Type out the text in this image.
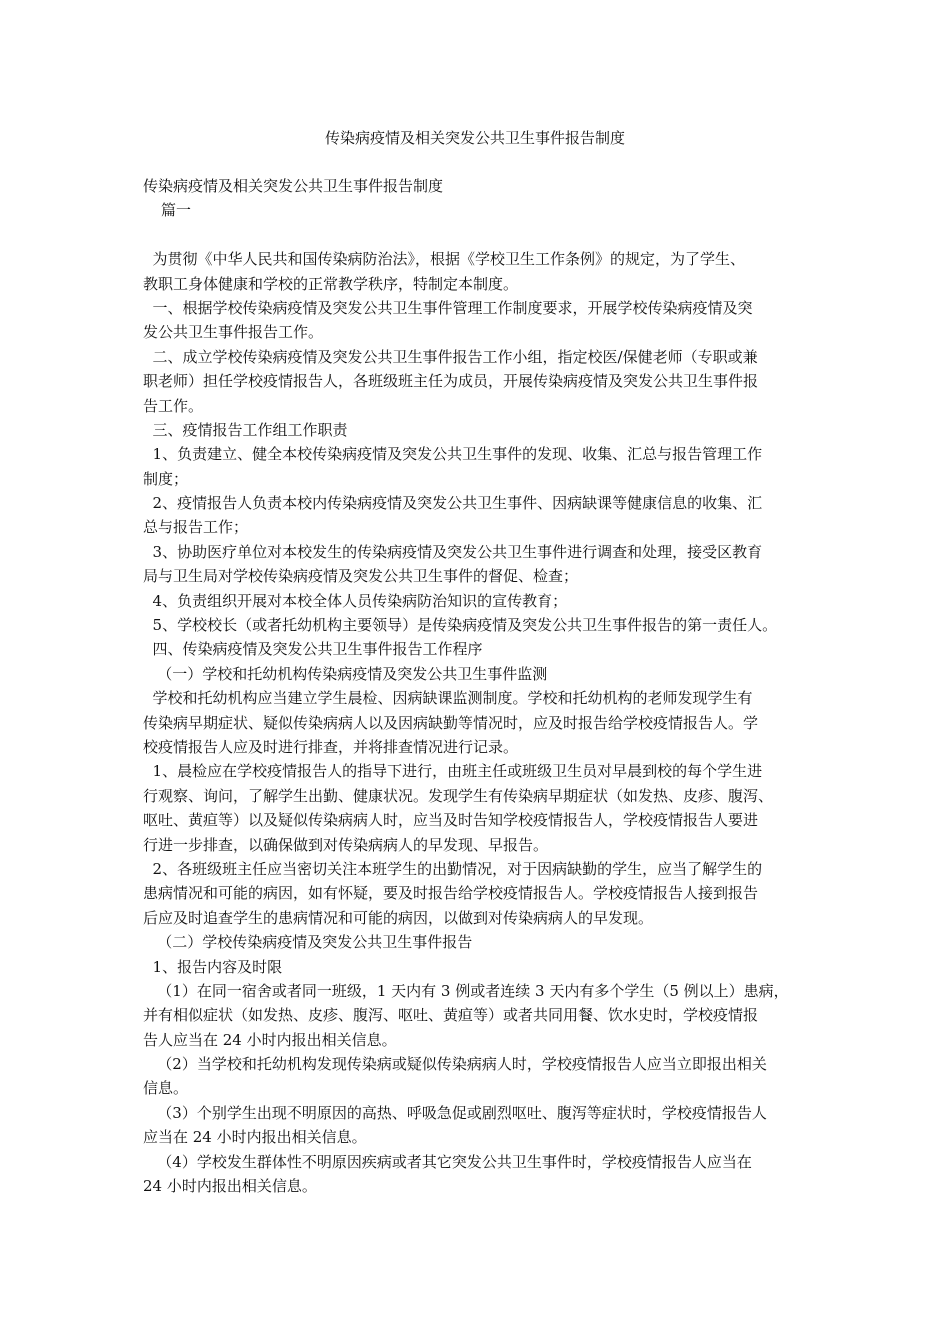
传染病疫情及相关突发公共卫生事件报告制度
传染病疫情及相关突发公共卫生事件报告制度
篇一
为贯彻《中华人民共和国传染病防治法》，根据《学校卫生工作条例》的规定，为了学生、
教职工身体健康和学校的正常教学秩序，特制定本制度。
一、根据学校传染病疫情及突发公共卫生事件管理工作制度要求，开展学校传染病疫情及突
发公共卫生事件报告工作。
二、成立学校传染病疫情及突发公共卫生事件报告工作小组，指定校医/保健老师（专职或兼
职老师）担任学校疫情报告人，各班级班主任为成员，开展传染病疫情及突发公共卫生事件报
告工作。
三、疫情报告工作组工作职责
1、负责建立、健全本校传染病疫情及突发公共卫生事件的发现、收集、汇总与报告管理工作
制度；
2、疫情报告人负责本校内传染病疫情及突发公共卫生事件、因病缺课等健康信息的收集、汇
总与报告工作；
3、协助医疗单位对本校发生的传染病疫情及突发公共卫生事件进行调查和处理，接受区教育
局与卫生局对学校传染病疫情及突发公共卫生事件的督促、检查；
4、负责组织开展对本校全体人员传染病防治知识的宣传教育；
5、学校校长（或者托幼机构主要领导）是传染病疫情及突发公共卫生事件报告的第一责任人。
四、传染病疫情及突发公共卫生事件报告工作程序
（一）学校和托幼机构传染病疫情及突发公共卫生事件监测
学校和托幼机构应当建立学生晨检、因病缺课监测制度。学校和托幼机构的老师发现学生有
传染病早期症状、疑似传染病病人以及因病缺勤等情况时，应及时报告给学校疫情报告人。学
校疫情报告人应及时进行排查，并将排查情况进行记录。
1、晨检应在学校疫情报告人的指导下进行，由班主任或班级卫生员对早晨到校的每个学生进
行观察、询问，了解学生出勤、健康状况。发现学生有传染病早期症状（如发热、皮疹、腹泻、
呕吐、黄疸等）以及疑似传染病病人时，应当及时告知学校疫情报告人，学校疫情报告人要进
行进一步排查，以确保做到对传染病病人的早发现、早报告。
2、各班级班主任应当密切关注本班学生的出勤情况，对于因病缺勤的学生，应当了解学生的
患病情况和可能的病因，如有怀疑，要及时报告给学校疫情报告人。学校疫情报告人接到报告
后应及时追查学生的患病情况和可能的病因，以做到对传染病病人的早发现。
（二）学校传染病疫情及突发公共卫生事件报告
1、报告内容及时限
（1）在同一宿舍或者同一班级，1 天内有 3 例或者连续 3 天内有多个学生（5 例以上）患病，
并有相似症状（如发热、皮疹、腹泻、呕吐、黄疸等）或者共同用餐、饮水史时，学校疫情报
告人应当在 24 小时内报出相关信息。
（2）当学校和托幼机构发现传染病或疑似传染病病人时，学校疫情报告人应当立即报出相关
信息。
（3）个别学生出现不明原因的高热、呼吸急促或剧烈呕吐、腹泻等症状时，学校疫情报告人
应当在 24 小时内报出相关信息。
（4）学校发生群体性不明原因疾病或者其它突发公共卫生事件时，学校疫情报告人应当在
24 小时内报出相关信息。
